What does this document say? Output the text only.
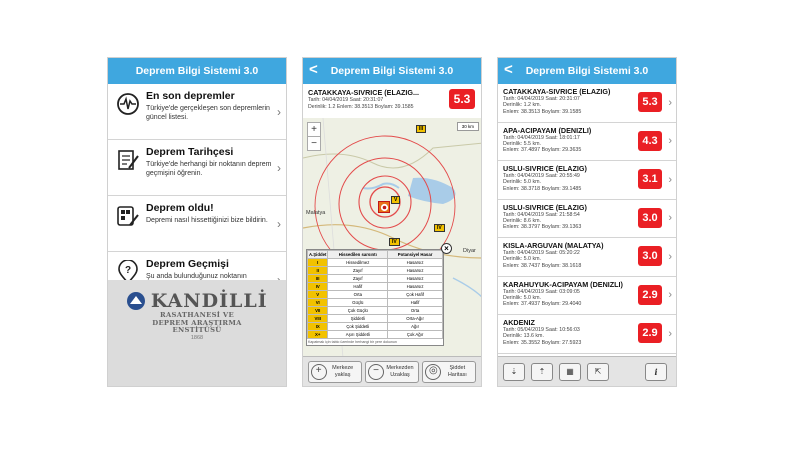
Deprem Bilgi Sistemi 3.0
En son depremler
Türkiye'de gerçekleşen son depremlerin güncel listesi.	›
Deprem Tarihçesi
Türkiye'de herhangi bir noktanın deprem geçmişini öğrenin.	›
Deprem oldu!
Depremi nasıl hissettiğinizi bize bildirin. ›
?
Deprem Geçmişi
Şu anda bulunduğunuz noktanın
KANDİLLİ
RASATHANESİ VE
DEPREM ARAŞTIRMA
ENSTİTÜSÜ
1868
< Deprem Bilgi Sistemi 3.0
CATAKKAYA-SIVRICE (ELAZIG...
Tarih: 04/04/2019 Saat: 20:31:07
Derinlik: 1.2 Enlem: 38.3513 Boylam: 39.1585
5.3
+
−
30 km
III
V
IV
IV
Malatya
Diyar
×
A.Şiddet	Hissedilen sarsıntı	Potansiyel Hasar
I	Hissedilmez	Hasarsız
II	Zayıf	Hasarsız
III	Zayıf	Hasarsız
IV	Hafif	Hasarsız
V	Orta	Çok Hafif
VI	Güçlü	Hafif
VII	Çok Güçlü	Orta
VIII	Şiddetli	Orta-Ağır
IX	Çok Şiddetli	Ağır
X+	Aşırı Şiddetli	Çok Ağır
Kapatmak için tablo üzerinde herhangi bir yere dokunun
+	Merkeze yaklaş	−	Merkezden Uzaklaş	◎	Şiddet Haritası
< Deprem Bilgi Sistemi 3.0
CATAKKAYA-SIVRICE (ELAZIG)
Tarih: 04/04/2019 Saat: 20:31:07
Derinlik: 1.2 km.
Enlem: 38.3513 Boylam: 39.1585
5.3 ›
APA-ACIPAYAM (DENIZLI)
Tarih: 04/04/2019 Saat: 18:01:17
Derinlik: 5.5 km.
Enlem: 37.4897 Boylam: 29.3635
4.3 ›
USLU-SIVRICE (ELAZIG)
Tarih: 04/04/2019 Saat: 20:55:49
Derinlik: 5.0 km.
Enlem: 38.3718 Boylam: 39.1485
3.1 ›
USLU-SIVRICE (ELAZIG)
Tarih: 04/04/2019 Saat: 21:58:54
Derinlik: 8.6 km.
Enlem: 38.3797 Boylam: 39.1363
3.0 ›
KISLA-ARGUVAN (MALATYA)
Tarih: 04/04/2019 Saat: 05:20:22
Derinlik: 5.0 km.
Enlem: 38.7437 Boylam: 38.1618
3.0 ›
KARAHUYUK-ACIPAYAM (DENIZLI)
Tarih: 04/04/2019 Saat: 03:09:05
Derinlik: 5.0 km.
Enlem: 37.4937 Boylam: 29.4040
2.9 ›
AKDENIZ
Tarih: 05/04/2019 Saat: 10:56:03
Derinlik: 13.6 km.
Enlem: 35.3552 Boylam: 27.5923
2.9 ›
⇣	⇡	▦	⇱	i
